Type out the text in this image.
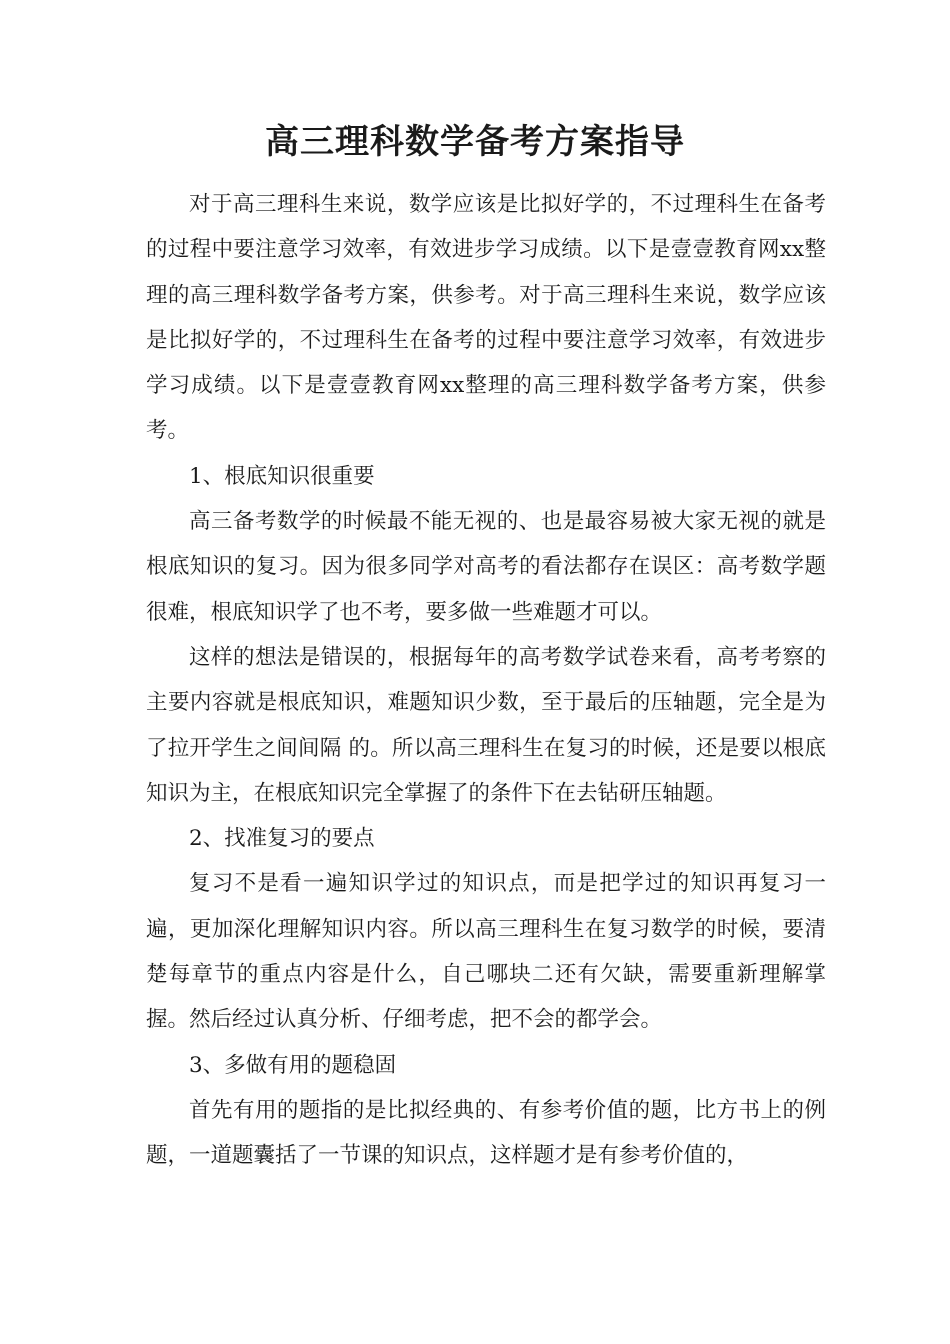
高三理科数学备考方案指导

对于高三理科生来说，数学应该是比拟好学的，不过理科生在备考的过程中要注意学习效率，有效进步学习成绩。以下是壹壹教育网xx整理的高三理科数学备考方案，供参考。对于高三理科生来说，数学应该是比拟好学的，不过理科生在备考的过程中要注意学习效率，有效进步学习成绩。以下是壹壹教育网xx整理的高三理科数学备考方案，供参考。

1、根底知识很重要

高三备考数学的时候最不能无视的、也是最容易被大家无视的就是根底知识的复习。因为很多同学对高考的看法都存在误区：高考数学题很难，根底知识学了也不考，要多做一些难题才可以。

这样的想法是错误的，根据每年的高考数学试卷来看，高考考察的主要内容就是根底知识，难题知识少数，至于最后的压轴题，完全是为了拉开学生之间间隔 的。所以高三理科生在复习的时候，还是要以根底知识为主，在根底知识完全掌握了的条件下在去钻研压轴题。

2、找准复习的要点

复习不是看一遍知识学过的知识点，而是把学过的知识再复习一遍，更加深化理解知识内容。所以高三理科生在复习数学的时候，要清楚每章节的重点内容是什么，自己哪块二还有欠缺，需要重新理解掌握。然后经过认真分析、仔细考虑，把不会的都学会。

3、多做有用的题稳固

首先有用的题指的是比拟经典的、有参考价值的题，比方书上的例题，一道题囊括了一节课的知识点，这样题才是有参考价值的，
